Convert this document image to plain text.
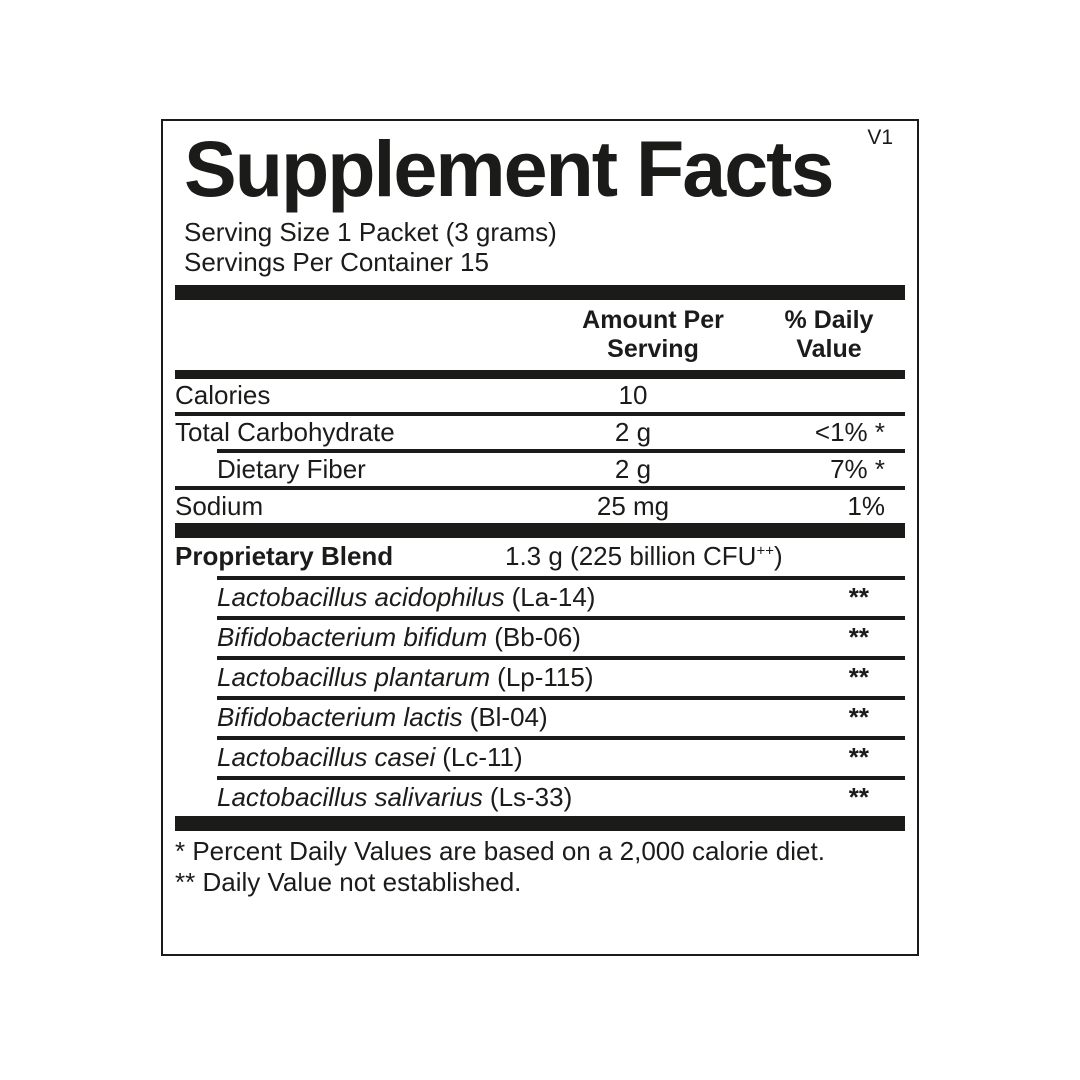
Supplement Facts	V1
Serving Size 1 Packet (3 grams)
Servings Per Container 15
Amount Per Serving
% Daily Value
Calories	10
Total Carbohydrate	2 g	<1% *
Dietary Fiber	2 g	7% *
Sodium	25 mg	1%
Proprietary Blend	1.3 g (225 billion CFU++)
Lactobacillus acidophilus (La-14)	**
Bifidobacterium bifidum (Bb-06)	**
Lactobacillus plantarum (Lp-115)	**
Bifidobacterium lactis (Bl-04)	**
Lactobacillus casei (Lc-11)	**
Lactobacillus salivarius (Ls-33)	**
* Percent Daily Values are based on a 2,000 calorie diet.
** Daily Value not established.
